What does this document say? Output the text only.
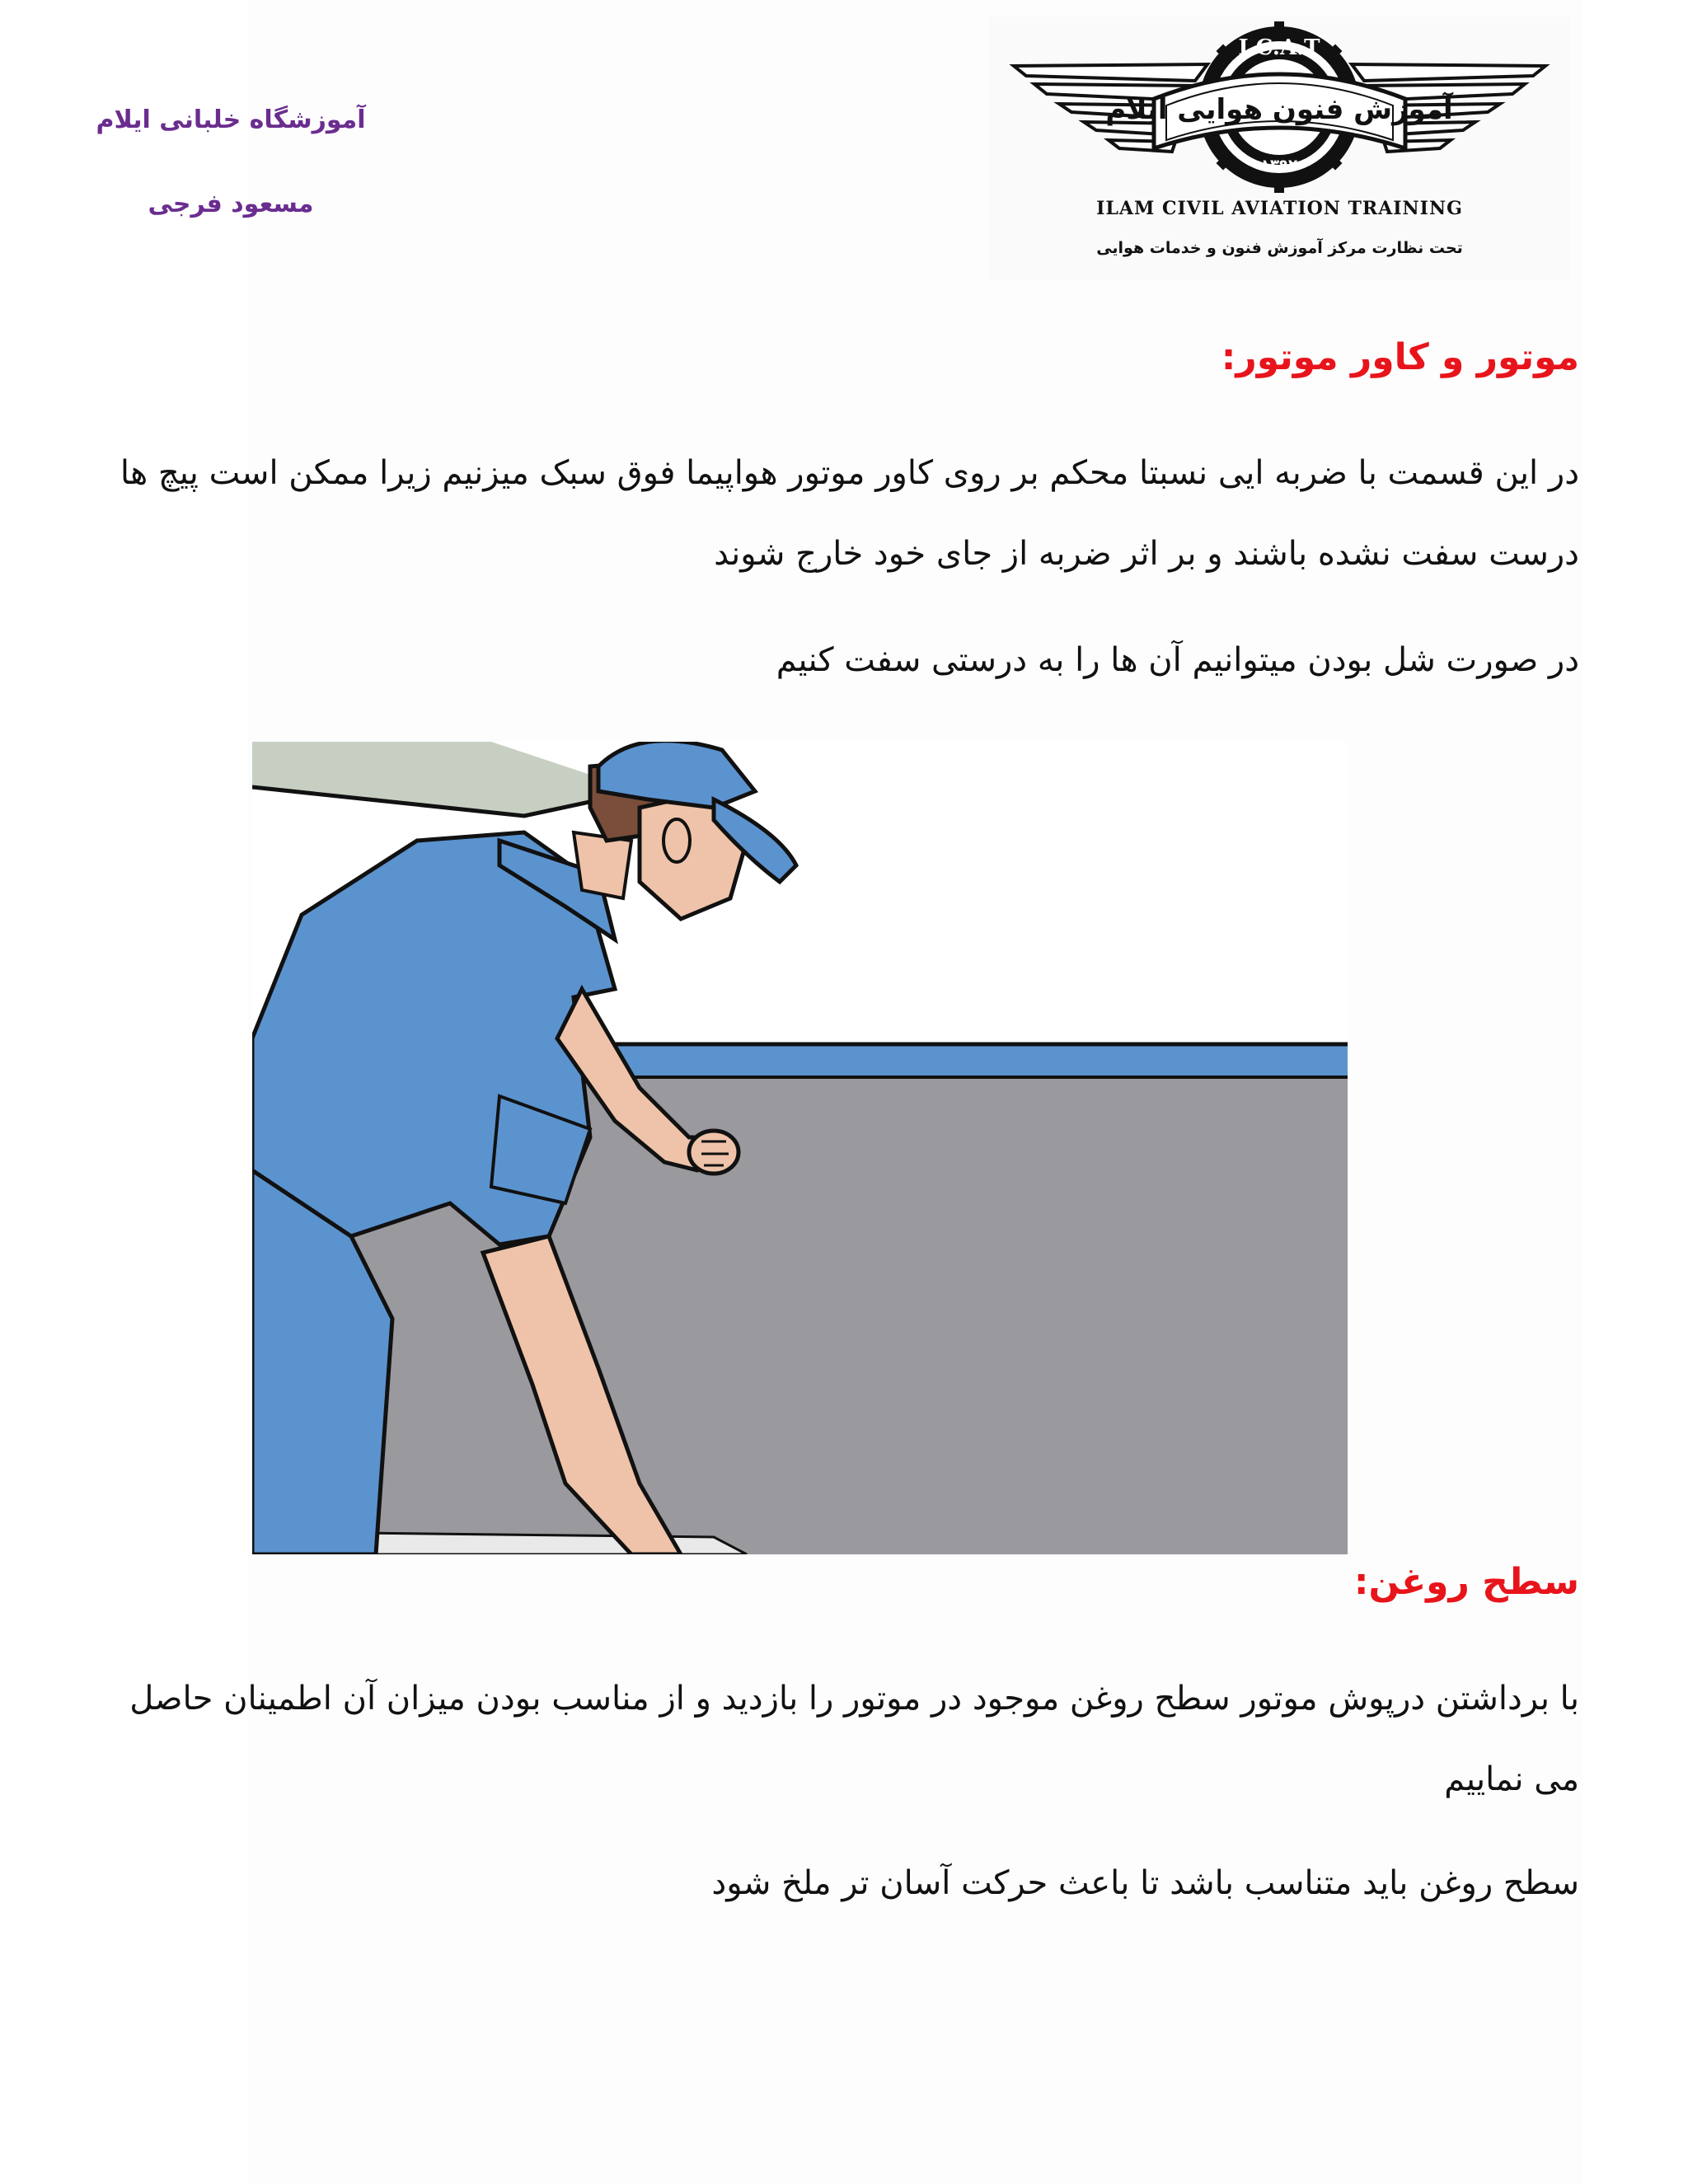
آموزشگاه خلبانی ایلام
مسعود فرجی
I.C.A.T
آموزش فنون هوایی ایلام
۱۳۹۲
ILAM CIVIL AVIATION TRAINING
تحت نظارت مرکز آموزش فنون و خدمات هوایی
موتور و کاور موتور:
در این قسمت با ضربه ایی نسبتا محکم بر روی کاور موتور هواپیما فوق سبک میزنیم زیرا ممکن است پیچ ها درست سفت نشده باشند و بر اثر ضربه از جای خود خارج شوند
در صورت شل بودن میتوانیم آن ها را به درستی سفت کنیم
سطح روغن:
با برداشتن درپوش موتور سطح روغن موجود در موتور را بازدید و از مناسب بودن میزان آن اطمینان حاصل می نماییم
سطح روغن باید متناسب باشد تا باعث حرکت آسان تر ملخ شود
